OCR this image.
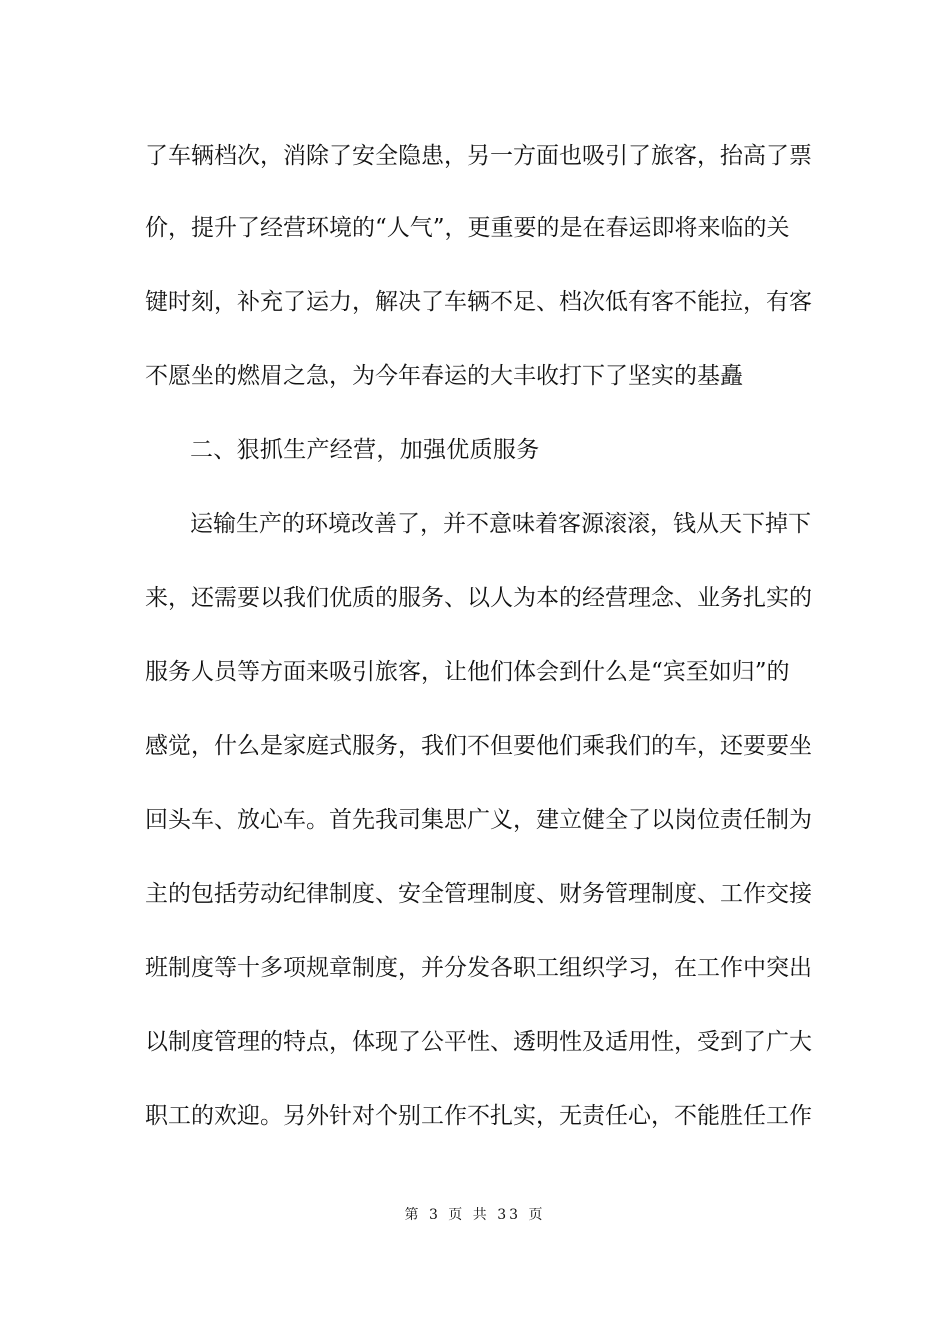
了车辆档次，消除了安全隐患，另一方面也吸引了旅客，抬高了票
价，提升了经营环境的“人气”，更重要的是在春运即将来临的关
键时刻，补充了运力，解决了车辆不足、档次低有客不能拉，有客
不愿坐的燃眉之急，为今年春运的大丰收打下了坚实的基矗
二、狠抓生产经营，加强优质服务
运输生产的环境改善了，并不意味着客源滚滚，钱从天下掉下
来，还需要以我们优质的服务、以人为本的经营理念、业务扎实的
服务人员等方面来吸引旅客，让他们体会到什么是“宾至如归”的
感觉，什么是家庭式服务，我们不但要他们乘我们的车，还要要坐
回头车、放心车。首先我司集思广义，建立健全了以岗位责任制为
主的包括劳动纪律制度、安全管理制度、财务管理制度、工作交接
班制度等十多项规章制度，并分发各职工组织学习，在工作中突出
以制度管理的特点，体现了公平性、透明性及适用性，受到了广大
职工的欢迎。另外针对个别工作不扎实，无责任心，不能胜任工作
第 3 页 共 33 页
